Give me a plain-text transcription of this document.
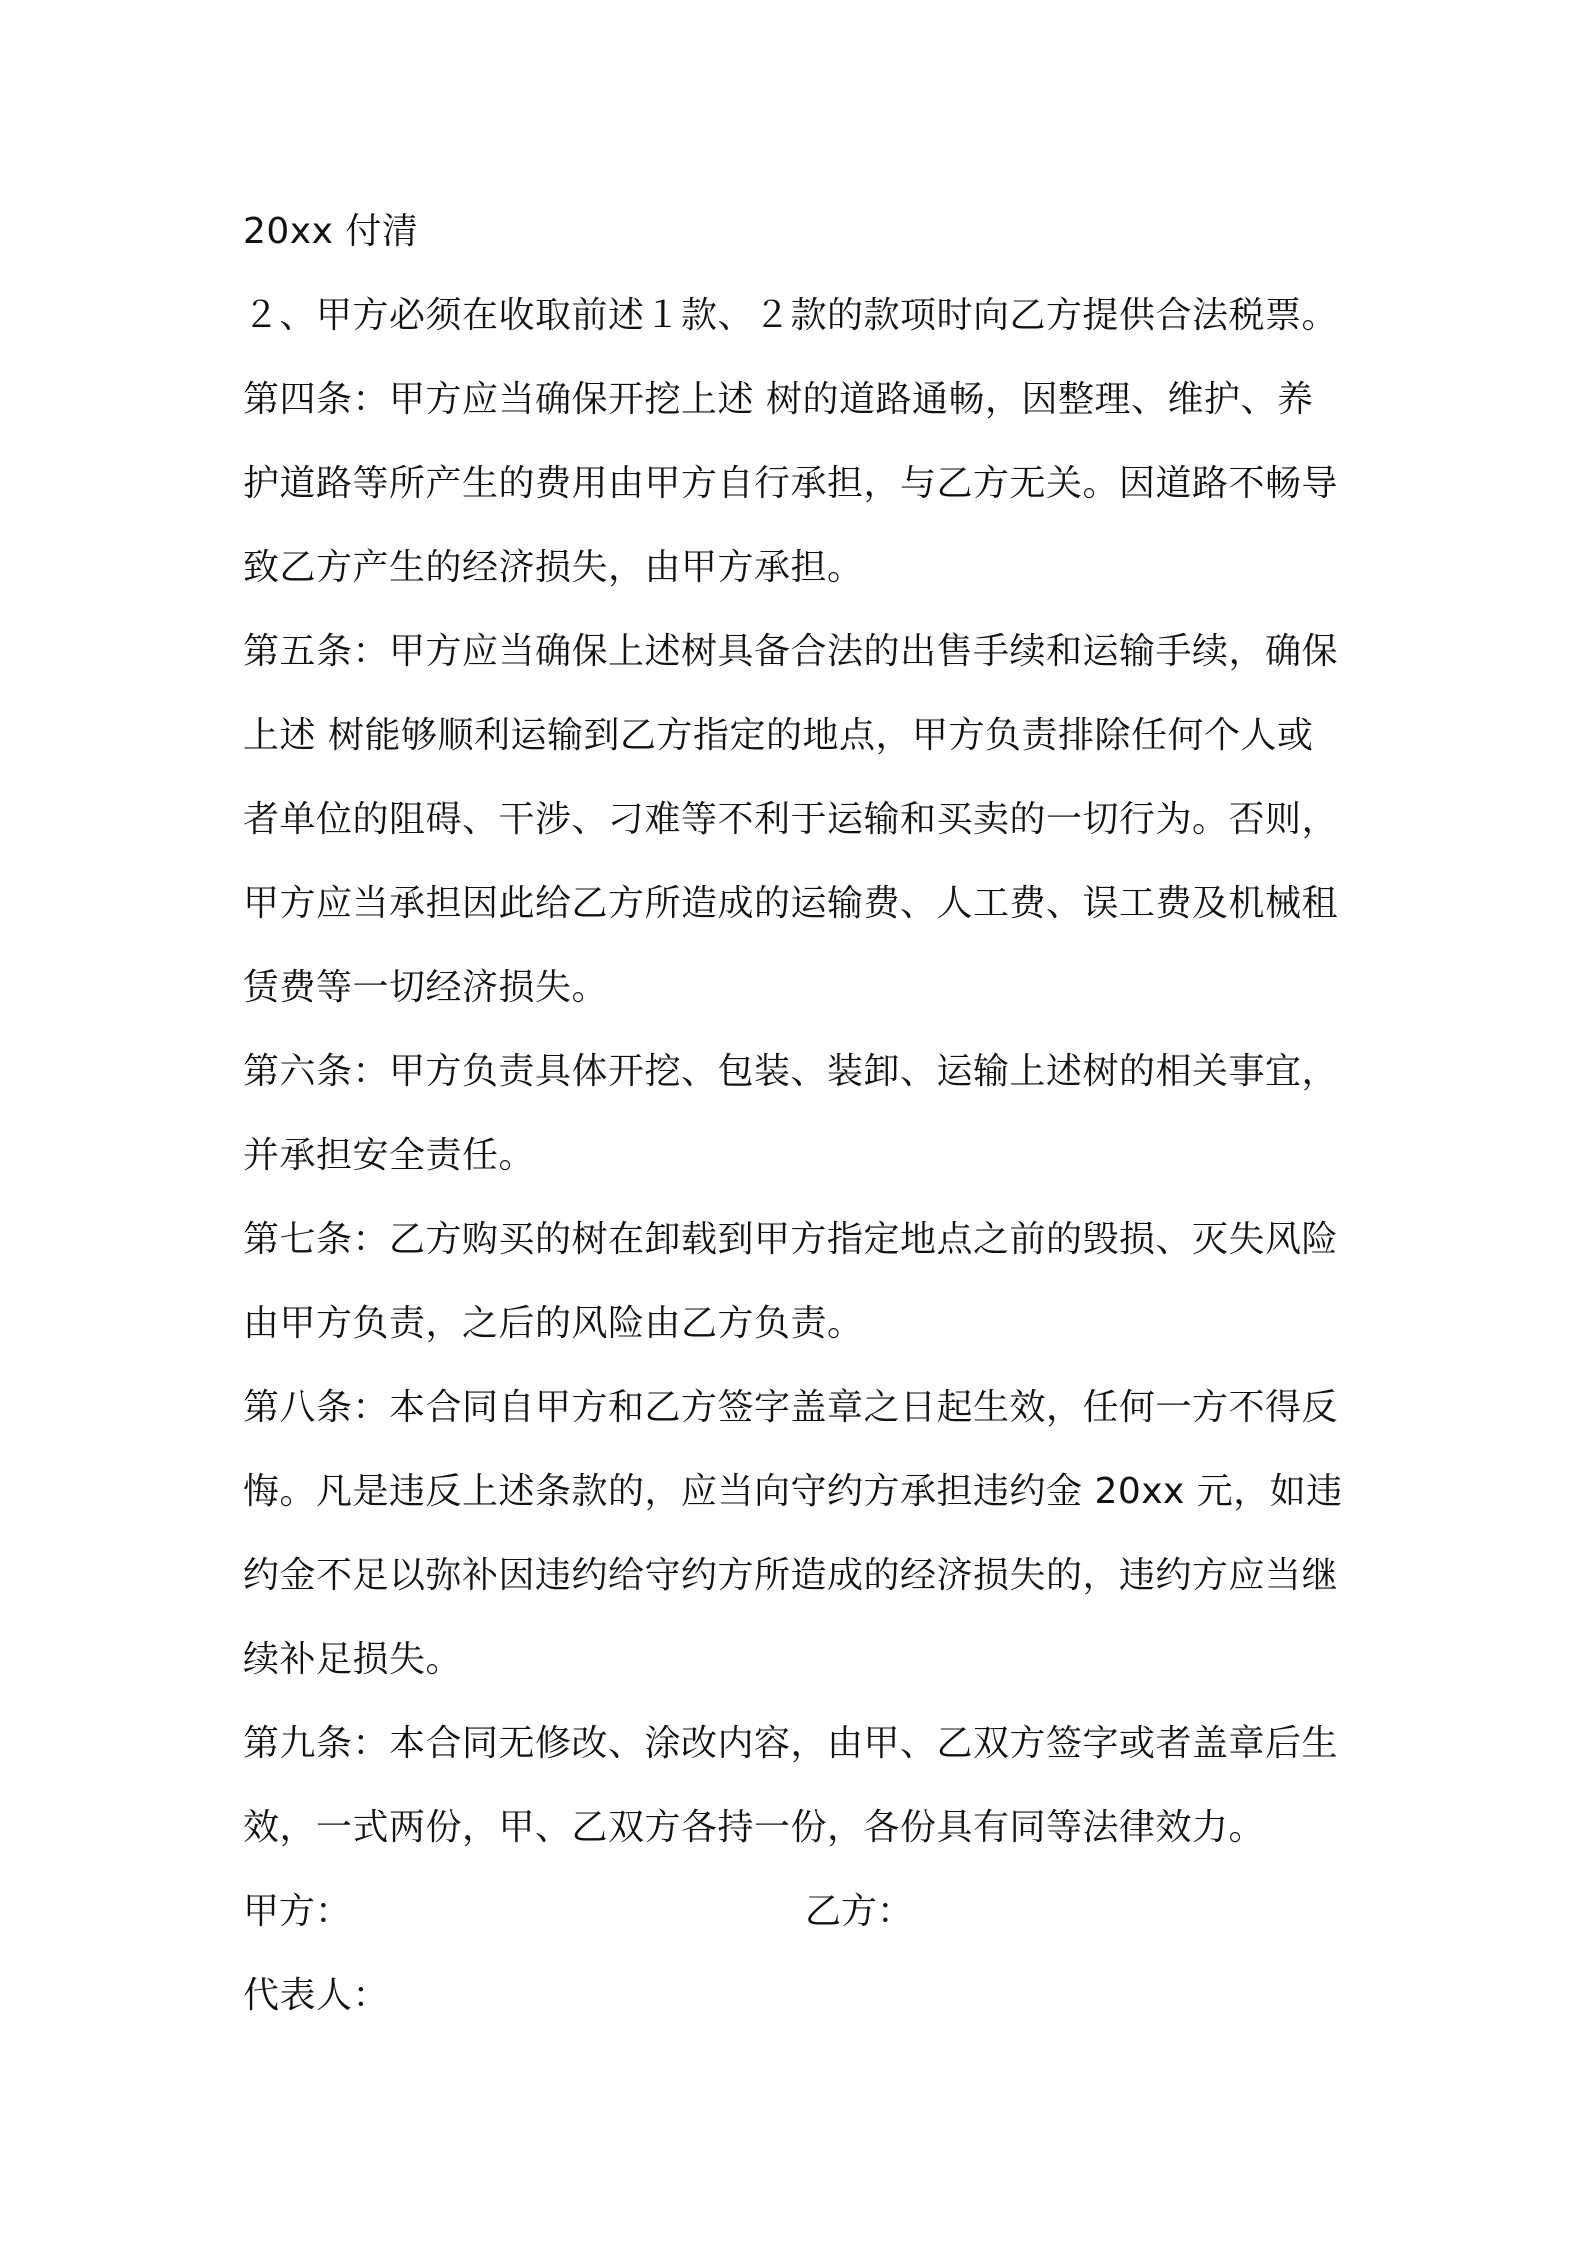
20xx 付清
２、甲方必须在收取前述１款、２款的款项时向乙方提供合法税票。
第四条：甲方应当确保开挖上述 树的道路通畅，因整理、维护、养
护道路等所产生的费用由甲方自行承担，与乙方无关。因道路不畅导
致乙方产生的经济损失，由甲方承担。
第五条：甲方应当确保上述树具备合法的出售手续和运输手续，确保
上述 树能够顺利运输到乙方指定的地点，甲方负责排除任何个人或
者单位的阻碍、干涉、刁难等不利于运输和买卖的一切行为。否则，
甲方应当承担因此给乙方所造成的运输费、人工费、误工费及机械租
赁费等一切经济损失。
第六条：甲方负责具体开挖、包装、装卸、运输上述树的相关事宜，
并承担安全责任。
第七条：乙方购买的树在卸载到甲方指定地点之前的毁损、灭失风险
由甲方负责，之后的风险由乙方负责。
第八条：本合同自甲方和乙方签字盖章之日起生效，任何一方不得反
悔。凡是违反上述条款的，应当向守约方承担违约金 20xx 元，如违
约金不足以弥补因违约给守约方所造成的经济损失的，违约方应当继
续补足损失。
第九条：本合同无修改、涂改内容，由甲、乙双方签字或者盖章后生
效，一式两份，甲、乙双方各持一份，各份具有同等法律效力。
甲方：	乙方：
代表人：
